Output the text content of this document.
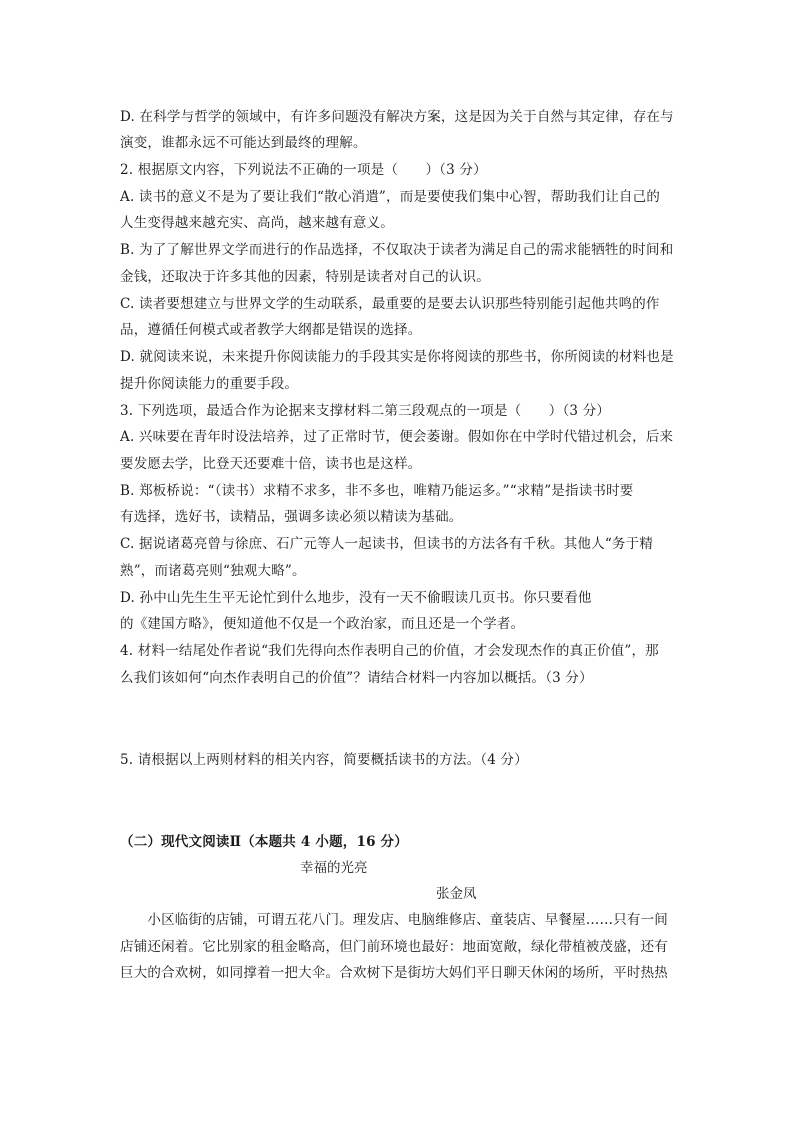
D. 在科学与哲学的领域中，有许多问题没有解决方案，这是因为关于自然与其定律，存在与
演变，谁都永远不可能达到最终的理解。
2. 根据原文内容，下列说法不正确的一项是（　　）（3 分）
A. 读书的意义不是为了要让我们“散心消遣”，而是要使我们集中心智，帮助我们让自己的
人生变得越来越充实、高尚，越来越有意义。
B. 为了了解世界文学而进行的作品选择，不仅取决于读者为满足自己的需求能牺牲的时间和
金钱，还取决于许多其他的因素，特别是读者对自己的认识。
C. 读者要想建立与世界文学的生动联系，最重要的是要去认识那些特别能引起他共鸣的作
品，遵循任何模式或者教学大纲都是错误的选择。
D. 就阅读来说，未来提升你阅读能力的手段其实是你将阅读的那些书，你所阅读的材料也是
提升你阅读能力的重要手段。
3. 下列选项，最适合作为论据来支撑材料二第三段观点的一项是（　　）（3 分）
A. 兴味要在青年时设法培养，过了正常时节，便会萎谢。假如你在中学时代错过机会，后来
要发愿去学，比登天还要难十倍，读书也是这样。
B. 郑板桥说：“（读书）求精不求多，非不多也，唯精乃能运多。”“求精”是指读书时要
有选择，选好书，读精品，强调多读必须以精读为基础。
C. 据说诸葛亮曾与徐庶、石广元等人一起读书，但读书的方法各有千秋。其他人“务于精
熟”，而诸葛亮则“独观大略”。
D. 孙中山先生生平无论忙到什么地步，没有一天不偷暇读几页书。你只要看他
的《建国方略》，便知道他不仅是一个政治家，而且还是一个学者。
4. 材料一结尾处作者说“我们先得向杰作表明自己的价值，才会发现杰作的真正价值”，那
么我们该如何“向杰作表明自己的价值”？请结合材料一内容加以概括。（3 分）
5. 请根据以上两则材料的相关内容，简要概括读书的方法。（4 分）
（二）现代文阅读Ⅱ（本题共 4 小题，16 分）
幸福的光亮
张金凤
　　小区临街的店铺，可谓五花八门。理发店、电脑维修店、童装店、早餐屋……只有一间
店铺还闲着。它比别家的租金略高，但门前环境也最好：地面宽敞，绿化带植被茂盛，还有
巨大的合欢树，如同撑着一把大伞。合欢树下是街坊大妈们平日聊天休闲的场所，平时热热
